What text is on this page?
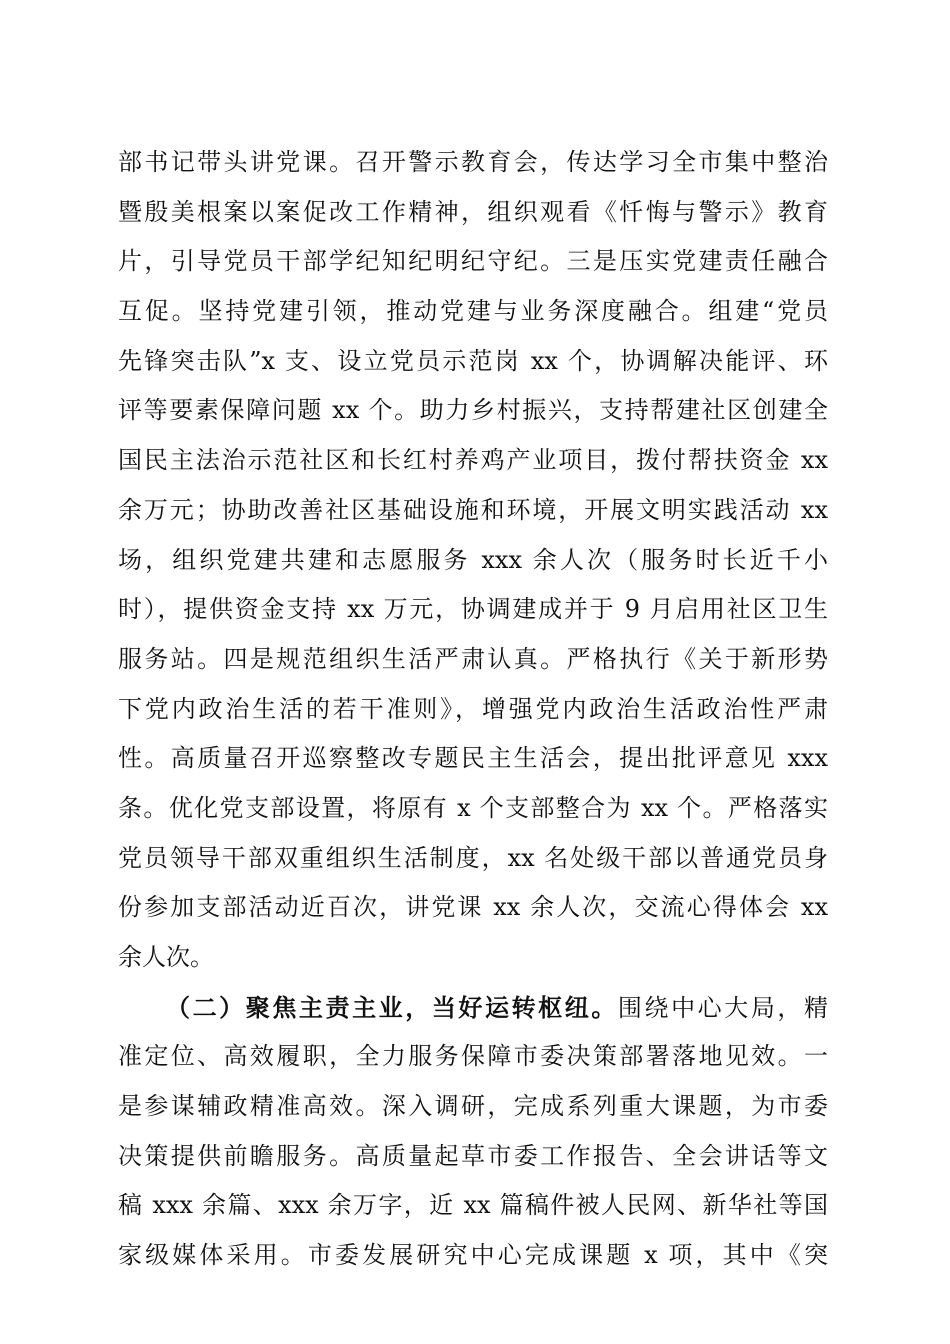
部书记带头讲党课。召开警示教育会，传达学习全市集中整治
暨殷美根案以案促改工作精神，组织观看《忏悔与警示》教育
片，引导党员干部学纪知纪明纪守纪。三是压实党建责任融合
互促。坚持党建引领，推动党建与业务深度融合。组建“党员
先锋突击队”x 支、设立党员示范岗 xx 个，协调解决能评、环
评等要素保障问题 xx 个。助力乡村振兴，支持帮建社区创建全
国民主法治示范社区和长红村养鸡产业项目，拨付帮扶资金 xx
余万元；协助改善社区基础设施和环境，开展文明实践活动 xx
场，组织党建共建和志愿服务 xxx 余人次（服务时长近千小
时），提供资金支持 xx 万元，协调建成并于 9 月启用社区卫生
服务站。四是规范组织生活严肃认真。严格执行《关于新形势
下党内政治生活的若干准则》，增强党内政治生活政治性严肃
性。高质量召开巡察整改专题民主生活会，提出批评意见 xxx
条。优化党支部设置，将原有 x 个支部整合为 xx 个。严格落实
党员领导干部双重组织生活制度，xx 名处级干部以普通党员身
份参加支部活动近百次，讲党课 xx 余人次，交流心得体会 xx
余人次。
（二）聚焦主责主业，当好运转枢纽。围绕中心大局，精
准定位、高效履职，全力服务保障市委决策部署落地见效。一
是参谋辅政精准高效。深入调研，完成系列重大课题，为市委
决策提供前瞻服务。高质量起草市委工作报告、全会讲话等文
稿 xxx 余篇、xxx 余万字，近 xx 篇稿件被人民网、新华社等国
家级媒体采用。市委发展研究中心完成课题 x 项，其中《突
